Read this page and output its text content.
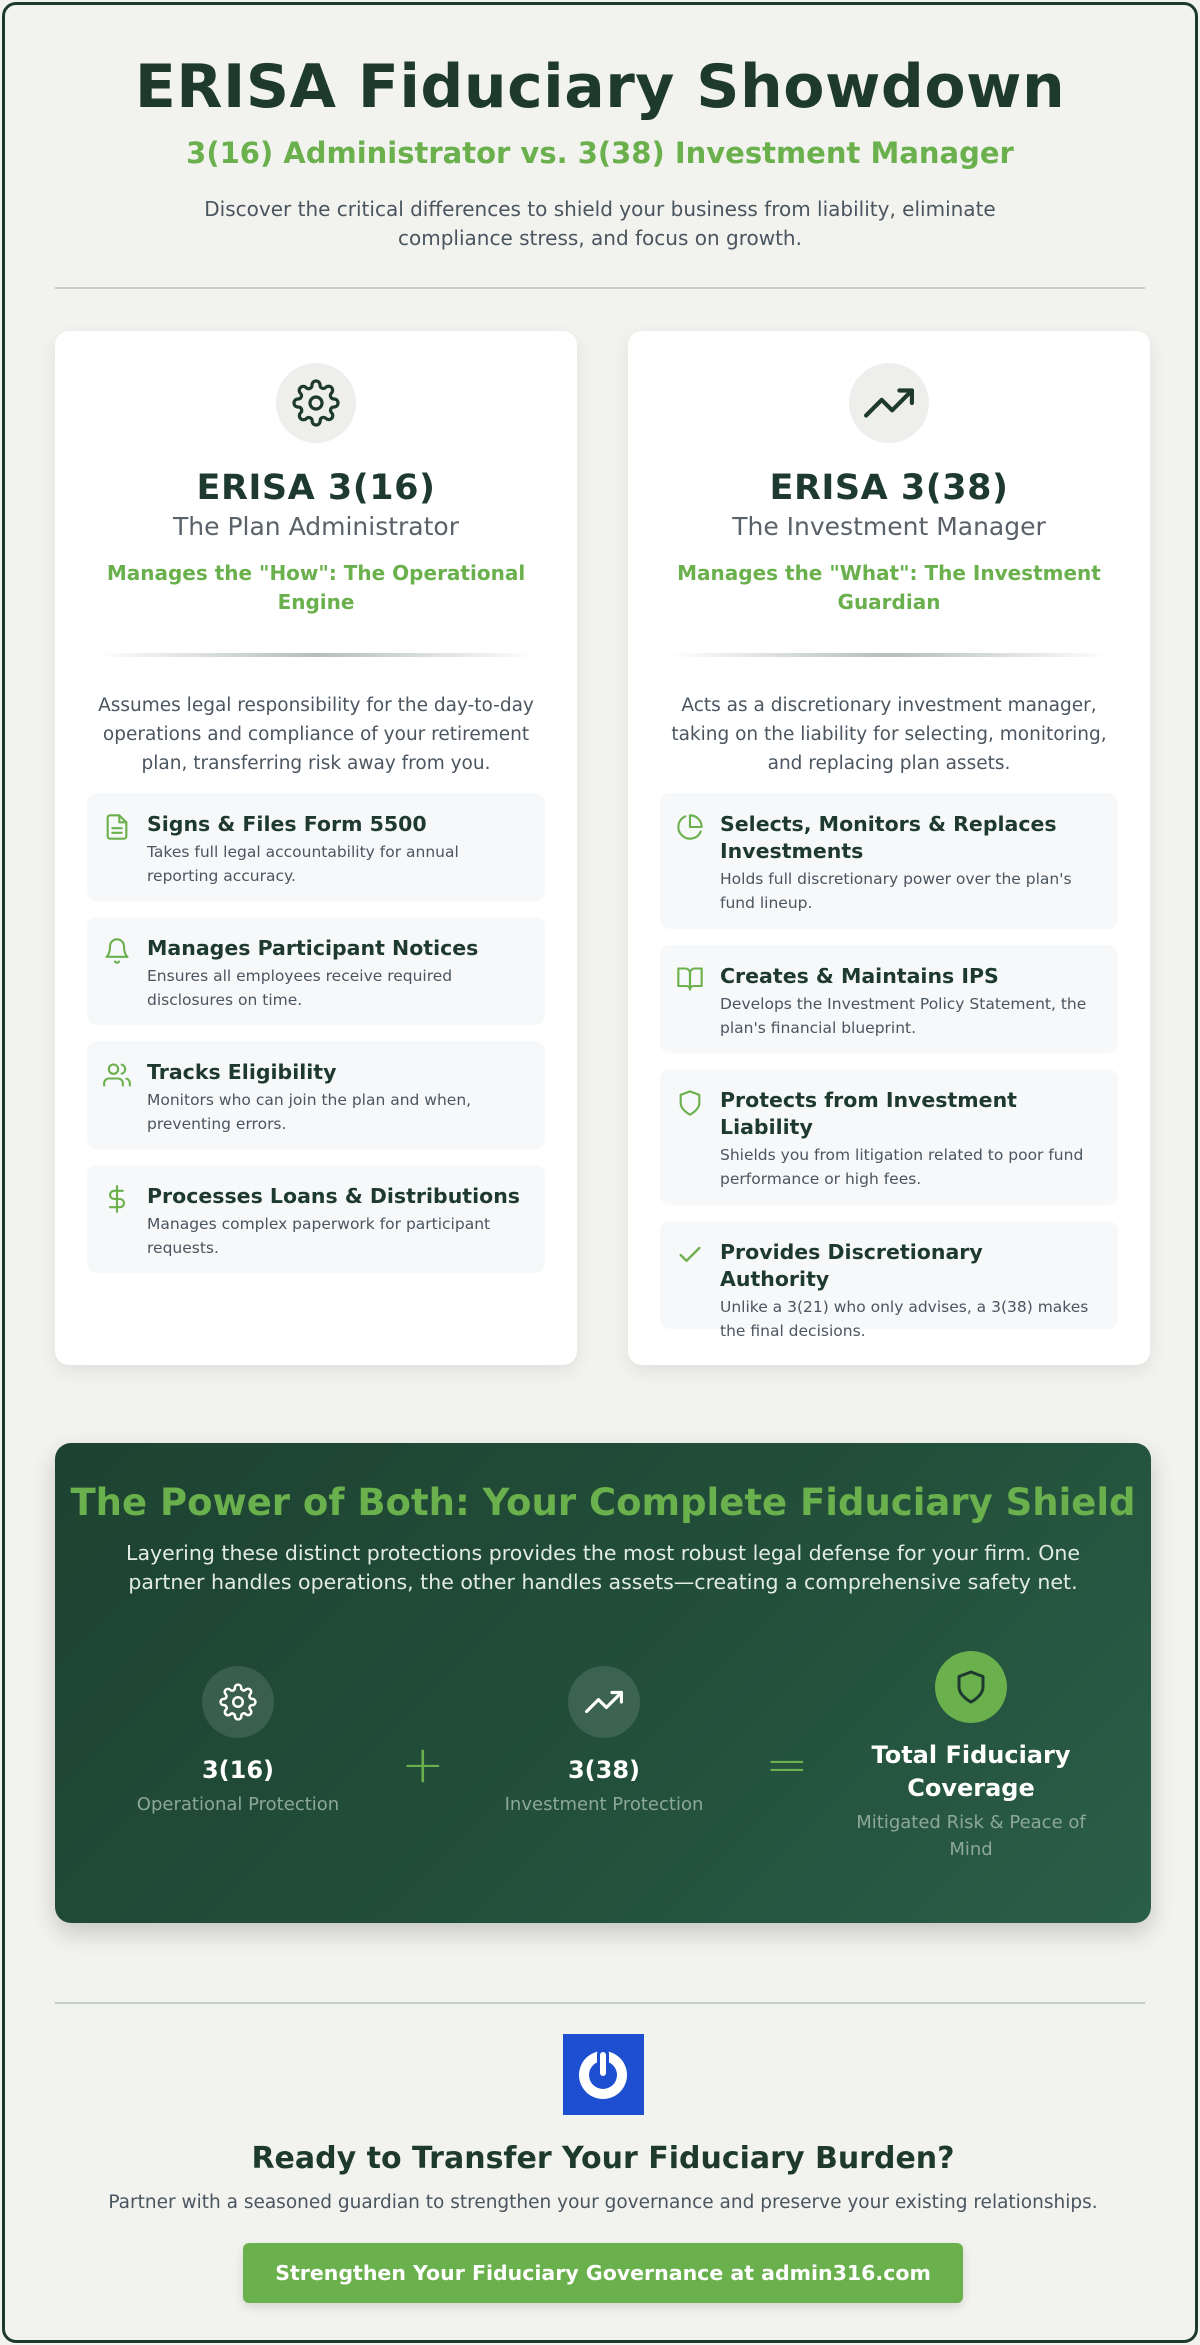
ERISA Fiduciary Showdown
3(16) Administrator vs. 3(38) Investment Manager

Discover the critical differences to shield your business from liability, eliminate compliance stress, and focus on growth.

ERISA 3(16)
The Plan Administrator
Manages the "How": The Operational Engine

Assumes legal responsibility for the day-to-day operations and compliance of your retirement plan, transferring risk away from you.

Signs & Files Form 5500
Takes full legal accountability for annual reporting accuracy.
Manages Participant Notices
Ensures all employees receive required disclosures on time.
Tracks Eligibility
Monitors who can join the plan and when, preventing errors.
Processes Loans & Distributions
Manages complex paperwork for participant requests.
ERISA 3(38)
The Investment Manager
Manages the "What": The Investment Guardian

Acts as a discretionary investment manager, taking on the liability for selecting, monitoring, and replacing plan assets.

Selects, Monitors & Replaces Investments
Holds full discretionary power over the plan's fund lineup.
Creates & Maintains IPS
Develops the Investment Policy Statement, the plan's financial blueprint.
Protects from Investment Liability
Shields you from litigation related to poor fund performance or high fees.
Provides Discretionary Authority
Unlike a 3(21) who only advises, a 3(38) makes the final decisions.
The Power of Both: Your Complete Fiduciary Shield

Layering these distinct protections provides the most robust legal defense for your firm. One partner handles operations, the other handles assets—creating a comprehensive safety net.

3(16)
Operational Protection
+	3(38)
Investment Protection
=	Total Fiduciary Coverage
Mitigated Risk & Peace of Mind
Ready to Transfer Your Fiduciary Burden?
Partner with a seasoned guardian to strengthen your governance and preserve your existing relationships.
Strengthen Your Fiduciary Governance at admin316.com
